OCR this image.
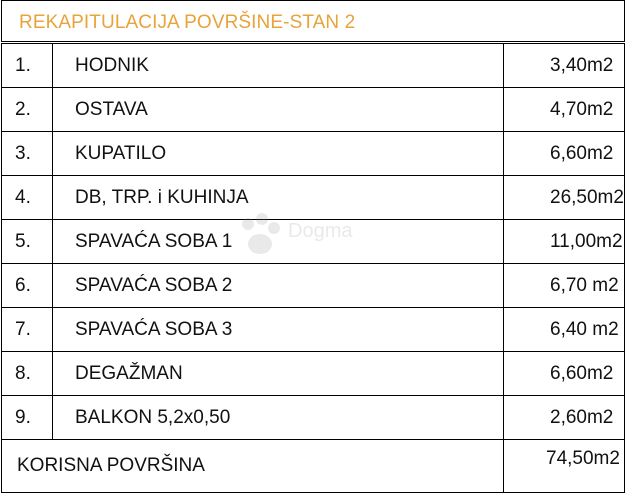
REKAPITULACIJA POVRŠINE-STAN 2
1.	HODNIK	3,40m2
2.	OSTAVA	4,70m2
3.	KUPATILO	6,60m2
4.	DB, TRP. i KUHINJA	26,50m2
5.	SPAVAĆA SOBA 1	11,00m2
6.	SPAVAĆA SOBA 2	6,70 m2
7.	SPAVAĆA SOBA 3	6,40 m2
8.	DEGAŽMAN	6,60m2
9.	BALKON 5,2x0,50	2,60m2
KORISNA POVRŠINA		74,50m2
Dogma
